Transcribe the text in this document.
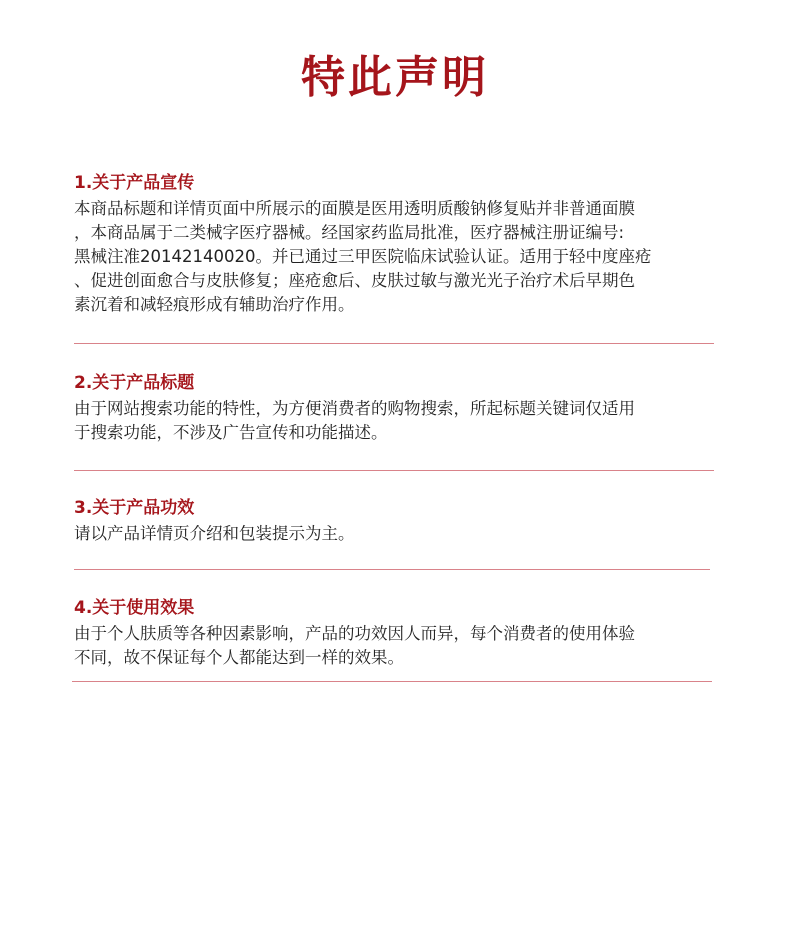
特此声明
1.关于产品宣传
本商品标题和详情页面中所展示的面膜是医用透明质酸钠修复贴并非普通面膜
，本商品属于二类械字医疗器械。经国家药监局批准，医疗器械注册证编号:
黑械注准20142140020。并已通过三甲医院临床试验认证。适用于轻中度座疮
、促进创面愈合与皮肤修复；座疮愈后、皮肤过敏与激光光子治疗术后早期色
素沉着和减轻痕形成有辅助治疗作用。
2.关于产品标题
由于网站搜索功能的特性，为方便消费者的购物搜索，所起标题关键词仅适用
于搜索功能，不涉及广告宣传和功能描述。
3.关于产品功效
请以产品详情页介绍和包装提示为主。
4.关于使用效果
由于个人肤质等各种因素影响，产品的功效因人而异，每个消费者的使用体验
不同，故不保证每个人都能达到一样的效果。
